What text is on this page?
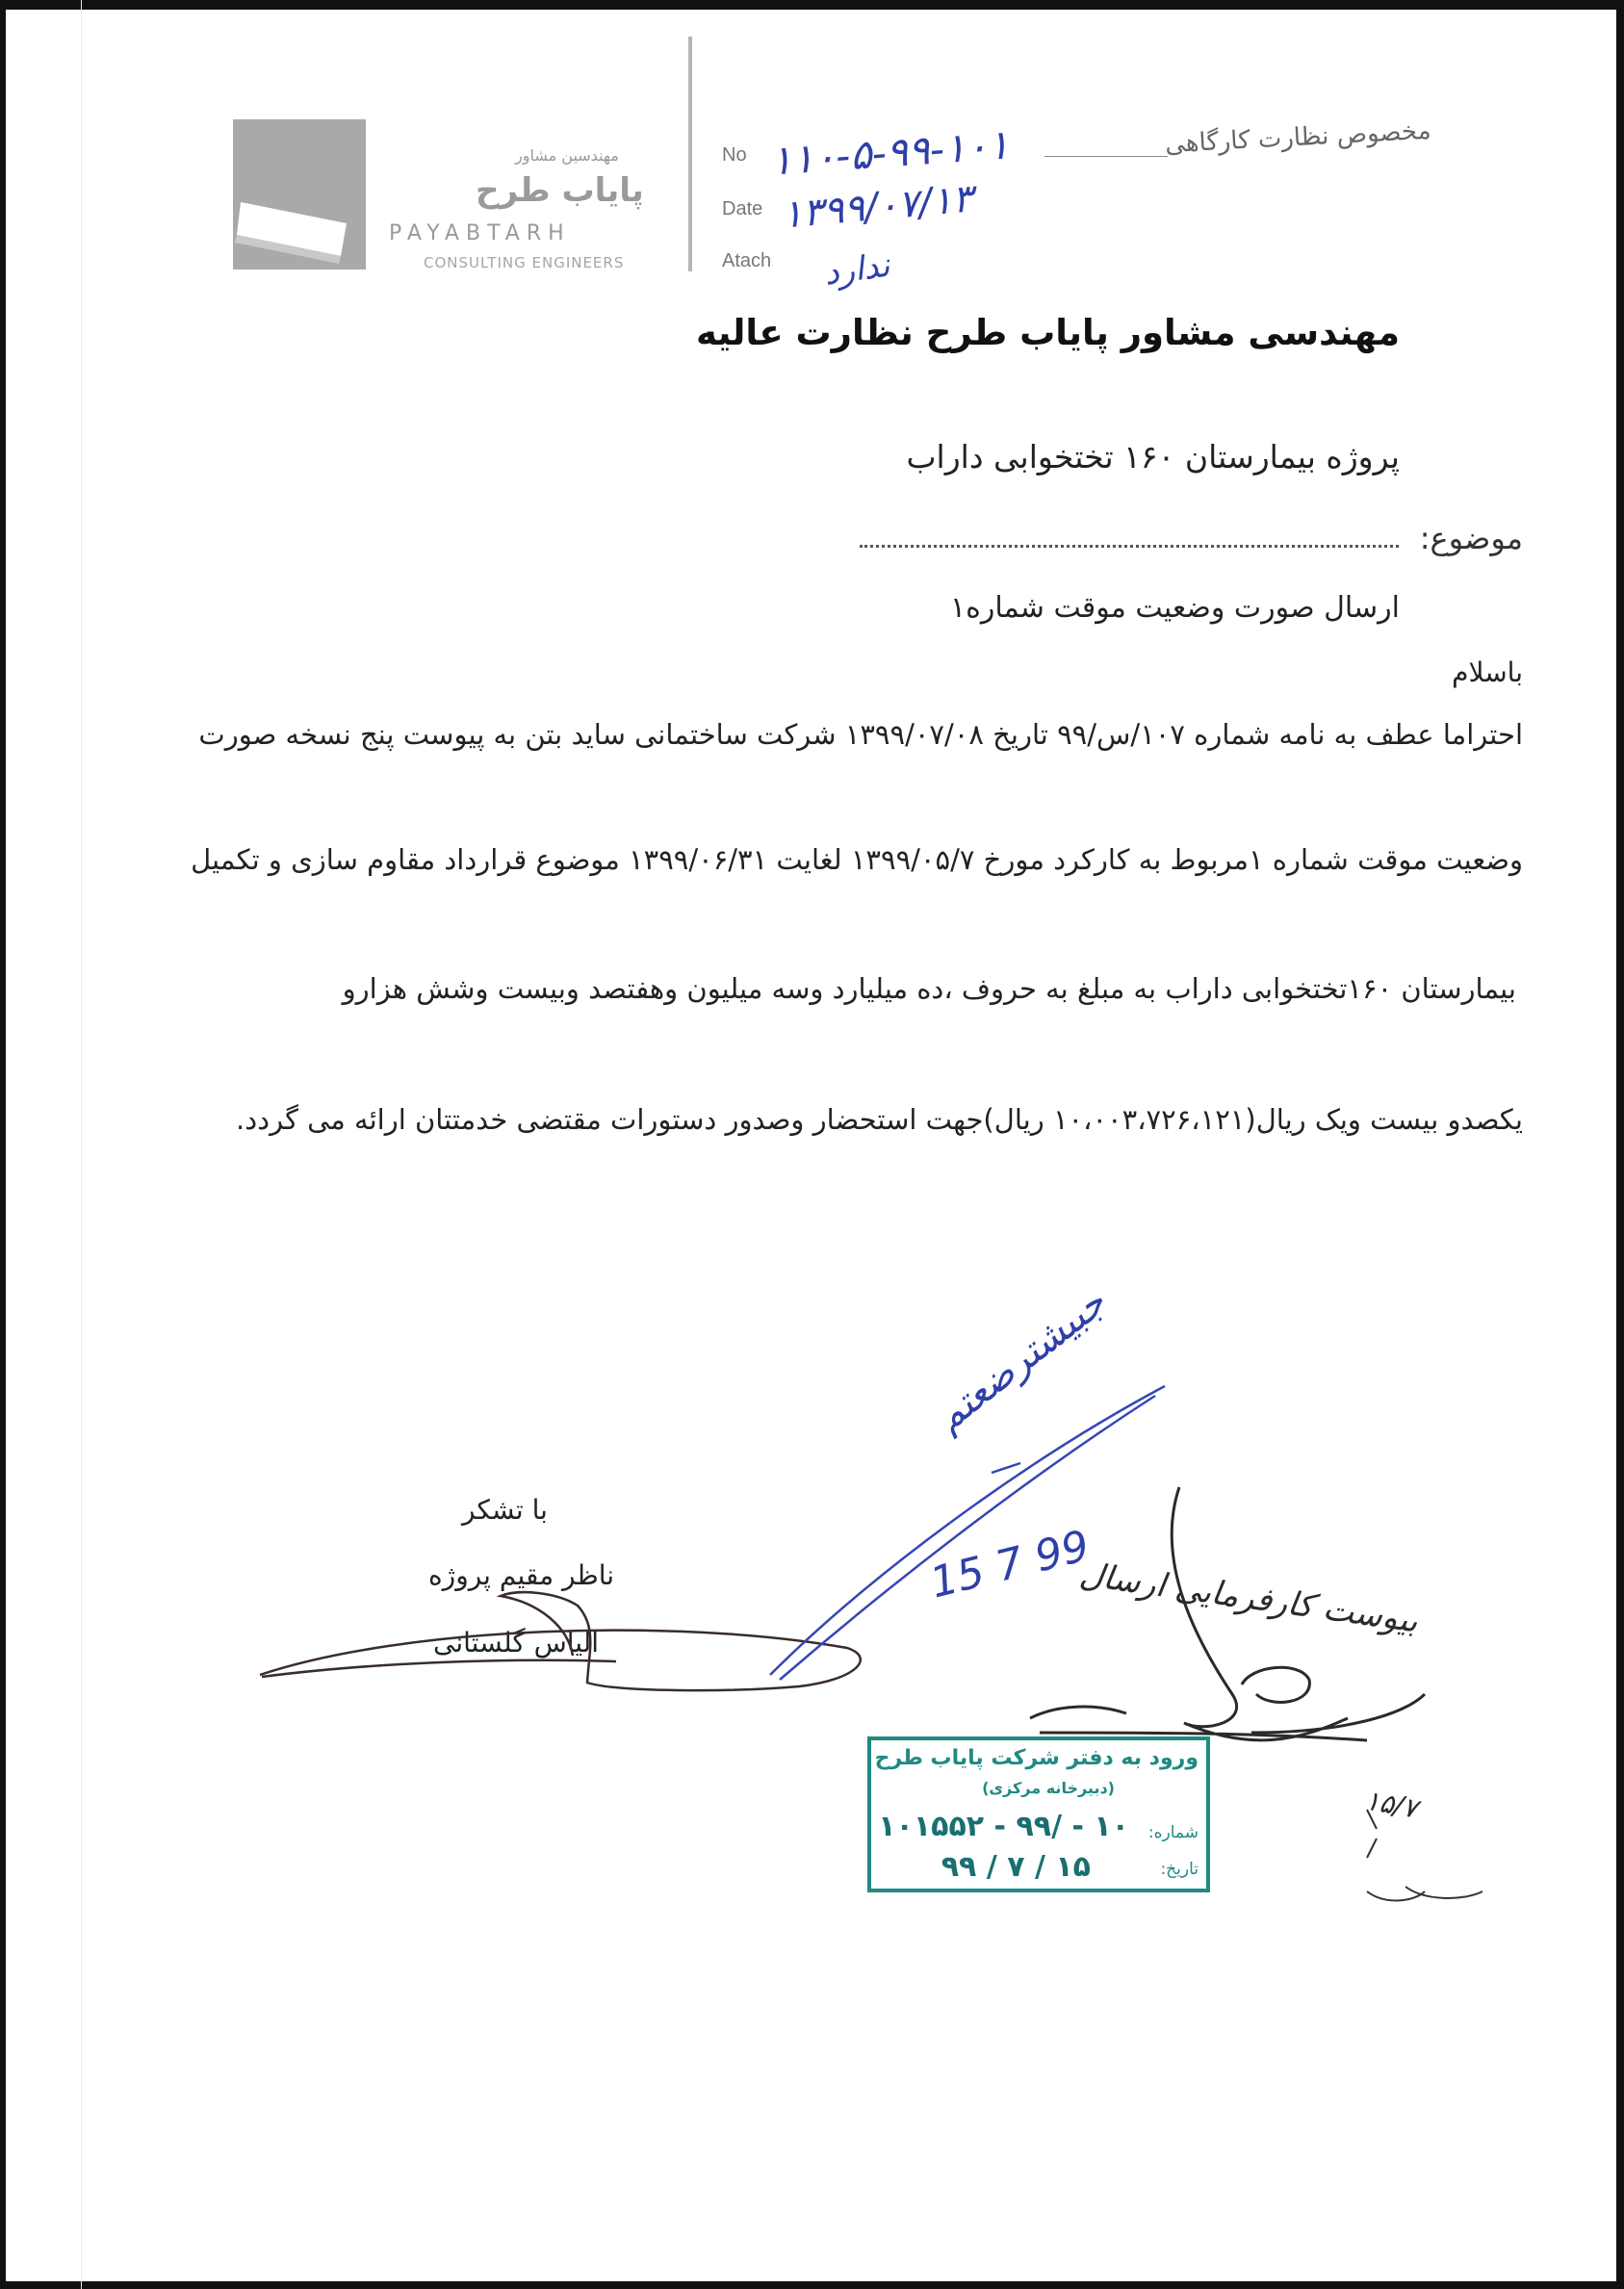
مهندسین مشاور
پایاب طرح
PAYABTARH
CONSULTING ENGINEERS
No
Date
Atach
۱۱۰-۵-۹۹-۱۰۱
۱۳۹۹/۰۷/۱۳
ندارد
مخصوص نظارت کارگاهی
مهندسی مشاور پایاب طرح نظارت عالیه
پروژه بیمارستان ۱۶۰ تختخوابی داراب
موضوع:
ارسال صورت وضعیت موقت شماره۱
باسلام
احتراما عطف به نامه شماره ۱۰۷/س/۹۹ تاریخ ۱۳۹۹/۰۷/۰۸ شرکت ساختمانی ساید بتن به پیوست پنج نسخه صورت
وضعیت موقت شماره ۱مربوط به کارکرد مورخ ۱۳۹۹/۰۵/۷ لغایت ۱۳۹۹/۰۶/۳۱ موضوع قرارداد مقاوم سازی و تکمیل
بیمارستان ۱۶۰تختخوابی داراب به مبلغ به حروف ،ده میلیارد وسه میلیون وهفتصد وبیست وشش هزارو
یکصدو بیست ویک ریال(۱۰،۰۰۳،۷۲۶،۱۲۱ ریال)جهت استحضار وصدور دستورات مقتضی خدمتتان ارائه می گردد.
با تشکر
ناظر مقیم پروژه
الیاس گلستانی
جبیشترضعتم
15 7 99
بیوست کارفرمایی ارسال
۱۵/۷
ورود به دفتر شرکت پایاب طرح
(دبیرخانه مرکزی)
شماره:
تاریخ:
۱۰۱۵۵۲ - ۹۹/ - ۱۰
۹۹ / ۷ / ۱۵
